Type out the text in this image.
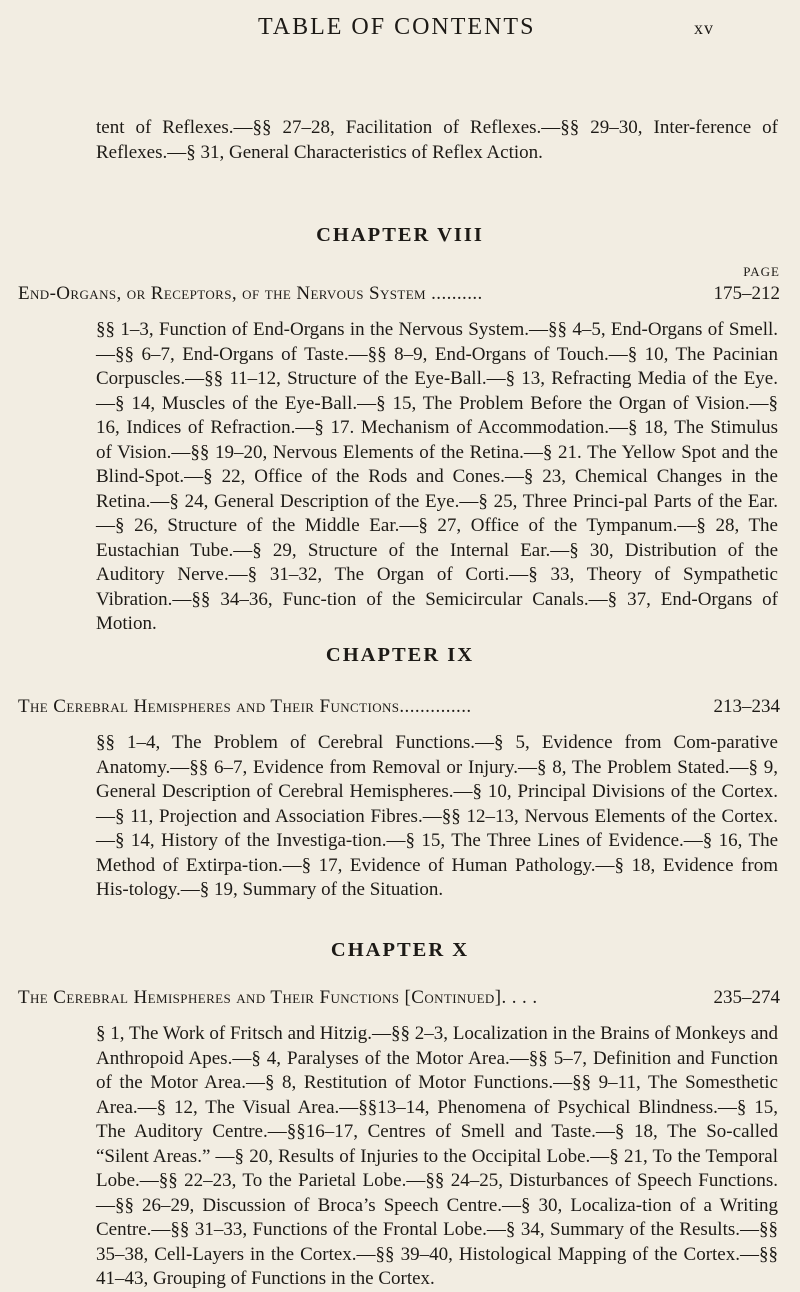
TABLE OF CONTENTS	xv

tent of Reflexes.—§§ 27–28, Facilitation of Reflexes.—§§ 29–30, Inter-ference of Reflexes.—§ 31, General Characteristics of Reflex Action.

CHAPTER VIII
PAGE
End-Organs, or Receptors, of the Nervous System ..........	175–212

§§ 1–3, Function of End-Organs in the Nervous System.—§§ 4–5, End-Organs of Smell.—§§ 6–7, End-Organs of Taste.—§§ 8–9, End-Organs of Touch.—§ 10, The Pacinian Corpuscles.—§§ 11–12, Structure of the Eye-Ball.—§ 13, Refracting Media of the Eye.—§ 14, Muscles of the Eye-Ball.—§ 15, The Problem Before the Organ of Vision.—§ 16, Indices of Refraction.—§ 17. Mechanism of Accommodation.—§ 18, The Stimulus of Vision.—§§ 19–20, Nervous Elements of the Retina.—§ 21. The Yellow Spot and the Blind-Spot.—§ 22, Office of the Rods and Cones.—§ 23, Chemical Changes in the Retina.—§ 24, General Description of the Eye.—§ 25, Three Princi-pal Parts of the Ear.—§ 26, Structure of the Middle Ear.—§ 27, Office of the Tympanum.—§ 28, The Eustachian Tube.—§ 29, Structure of the Internal Ear.—§ 30, Distribution of the Auditory Nerve.—§ 31–32, The Organ of Corti.—§ 33, Theory of Sympathetic Vibration.—§§ 34–36, Func-tion of the Semicircular Canals.—§ 37, End-Organs of Motion.

CHAPTER IX
The Cerebral Hemispheres and Their Functions..............	213–234

§§ 1–4, The Problem of Cerebral Functions.—§ 5, Evidence from Com-parative Anatomy.—§§ 6–7, Evidence from Removal or Injury.—§ 8, The Problem Stated.—§ 9, General Description of Cerebral Hemispheres.—§ 10, Principal Divisions of the Cortex.—§ 11, Projection and Association Fibres.—§§ 12–13, Nervous Elements of the Cortex.—§ 14, History of the Investiga-tion.—§ 15, The Three Lines of Evidence.—§ 16, The Method of Extirpa-tion.—§ 17, Evidence of Human Pathology.—§ 18, Evidence from His-tology.—§ 19, Summary of the Situation.

CHAPTER X
The Cerebral Hemispheres and Their Functions [Continued]. . . .	235–274

§ 1, The Work of Fritsch and Hitzig.—§§ 2–3, Localization in the Brains of Monkeys and Anthropoid Apes.—§ 4, Paralyses of the Motor Area.—§§ 5–7, Definition and Function of the Motor Area.—§ 8, Restitution of Motor Functions.—§§ 9–11, The Somesthetic Area.—§ 12, The Visual Area.—§§13–14, Phenomena of Psychical Blindness.—§ 15, The Auditory Centre.—§§16–17, Centres of Smell and Taste.—§ 18, The So-called “Silent Areas.” —§ 20, Results of Injuries to the Occipital Lobe.—§ 21, To the Temporal Lobe.—§§ 22–23, To the Parietal Lobe.—§§ 24–25, Disturbances of Speech Functions.—§§ 26–29, Discussion of Broca’s Speech Centre.—§ 30, Localiza-tion of a Writing Centre.—§§ 31–33, Functions of the Frontal Lobe.—§ 34, Summary of the Results.—§§ 35–38, Cell-Layers in the Cortex.—§§ 39–40, Histological Mapping of the Cortex.—§§ 41–43, Grouping of Functions in the Cortex.
